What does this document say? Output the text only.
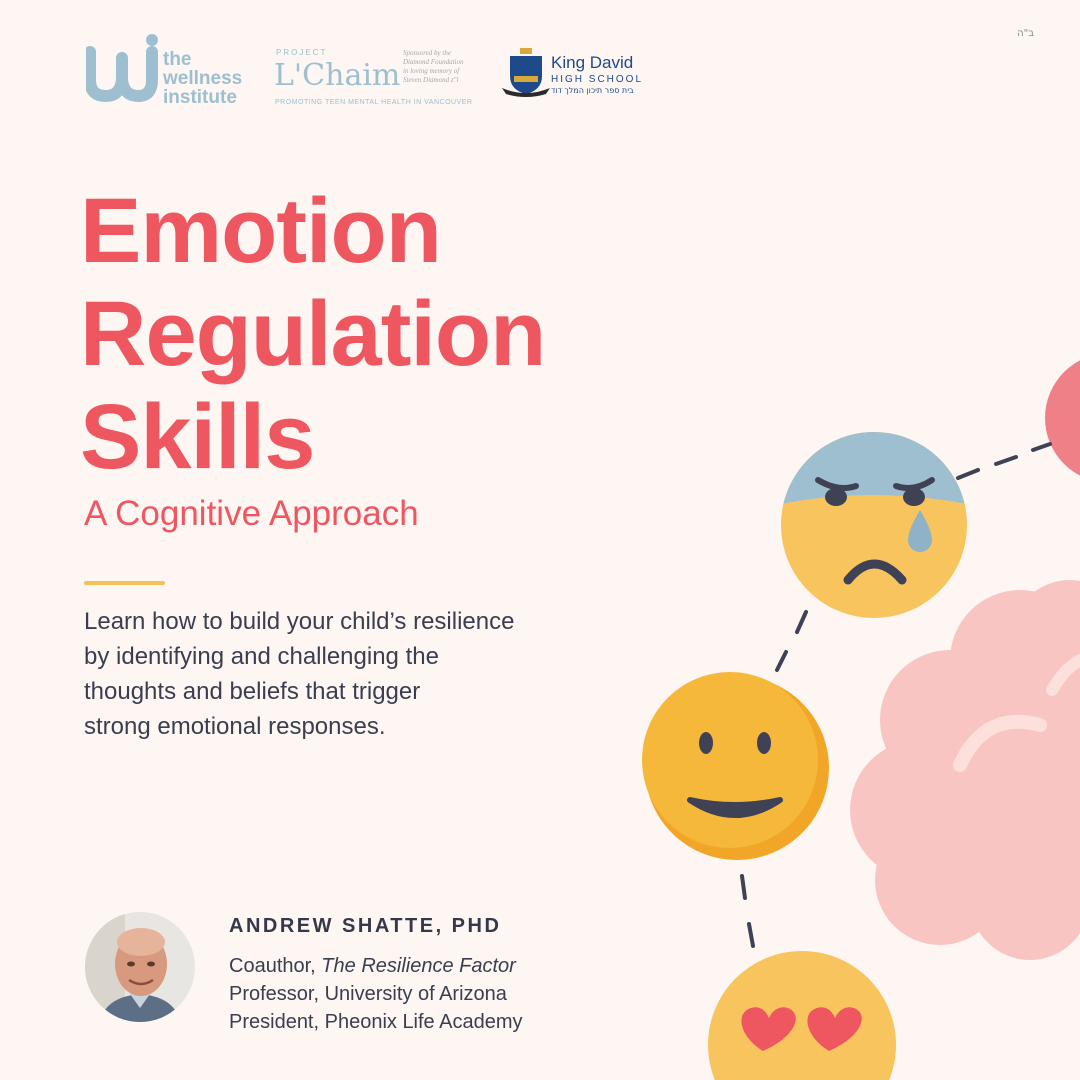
ב"ה
the
wellness
institute
PROJECT
L'Chaim
Sponsored by the
Diamond Foundation
in loving memory of
Steven Diamond z"l
PROMOTING TEEN MENTAL HEALTH IN VANCOUVER
King David
HIGH SCHOOL
בית ספר תיכון המלך דוד
Emotion
Regulation
Skills
A Cognitive Approach
Learn how to build your child’s resilience
by identifying and challenging the
thoughts and beliefs that trigger
strong emotional responses.
ANDREW SHATTE, PHD
Coauthor, The Resilience Factor
Professor, University of Arizona
President, Pheonix Life Academy
